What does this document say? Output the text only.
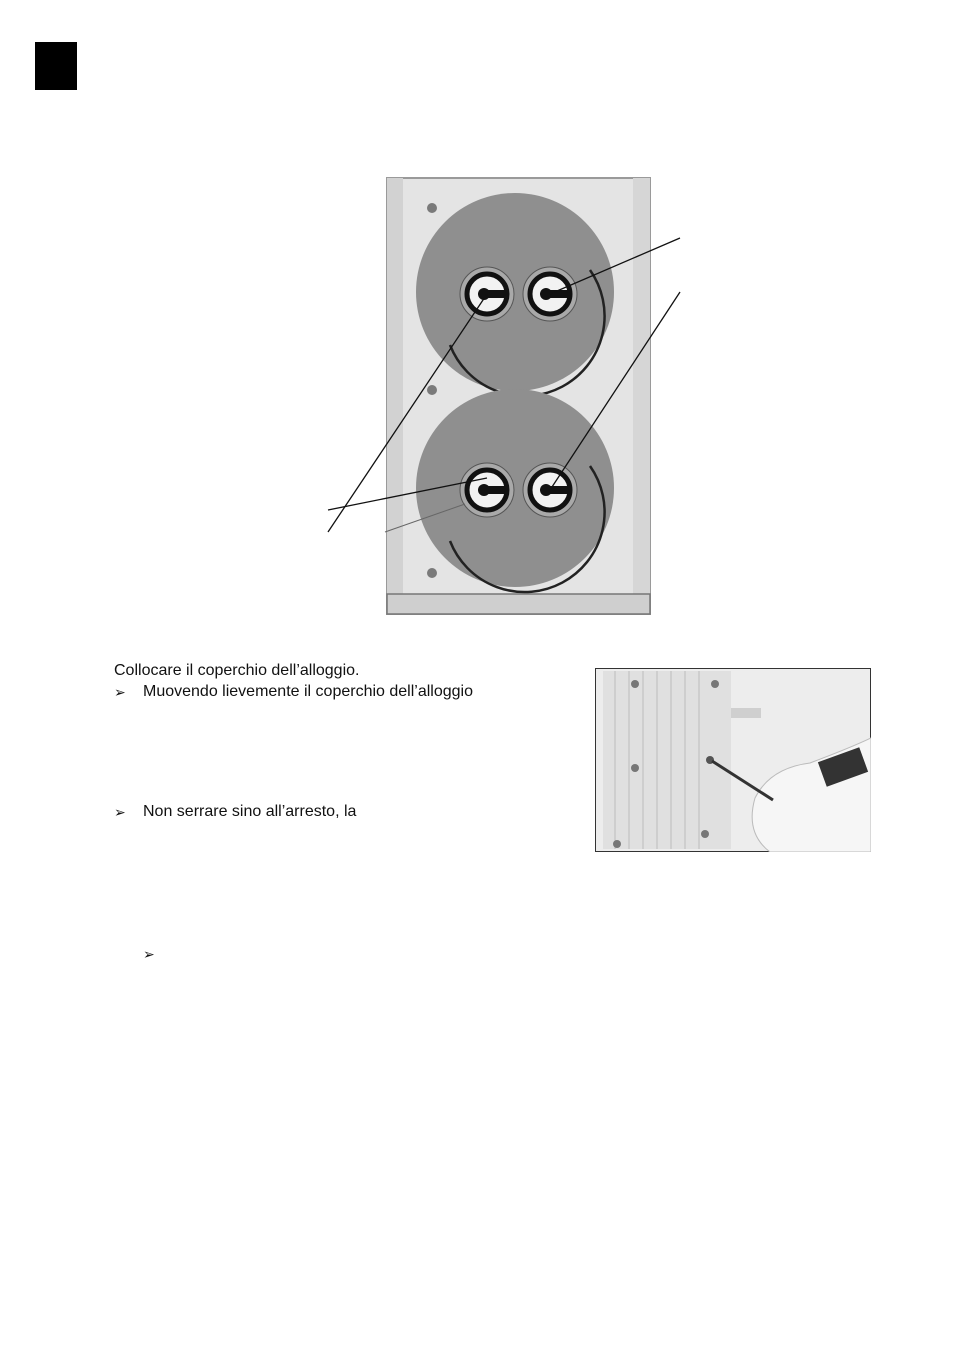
Collocare il coperchio dell’alloggio.
➢ Muovendo lievemente il coperchio dell’alloggio
➢ Non serrare sino all’arresto, la
➢
